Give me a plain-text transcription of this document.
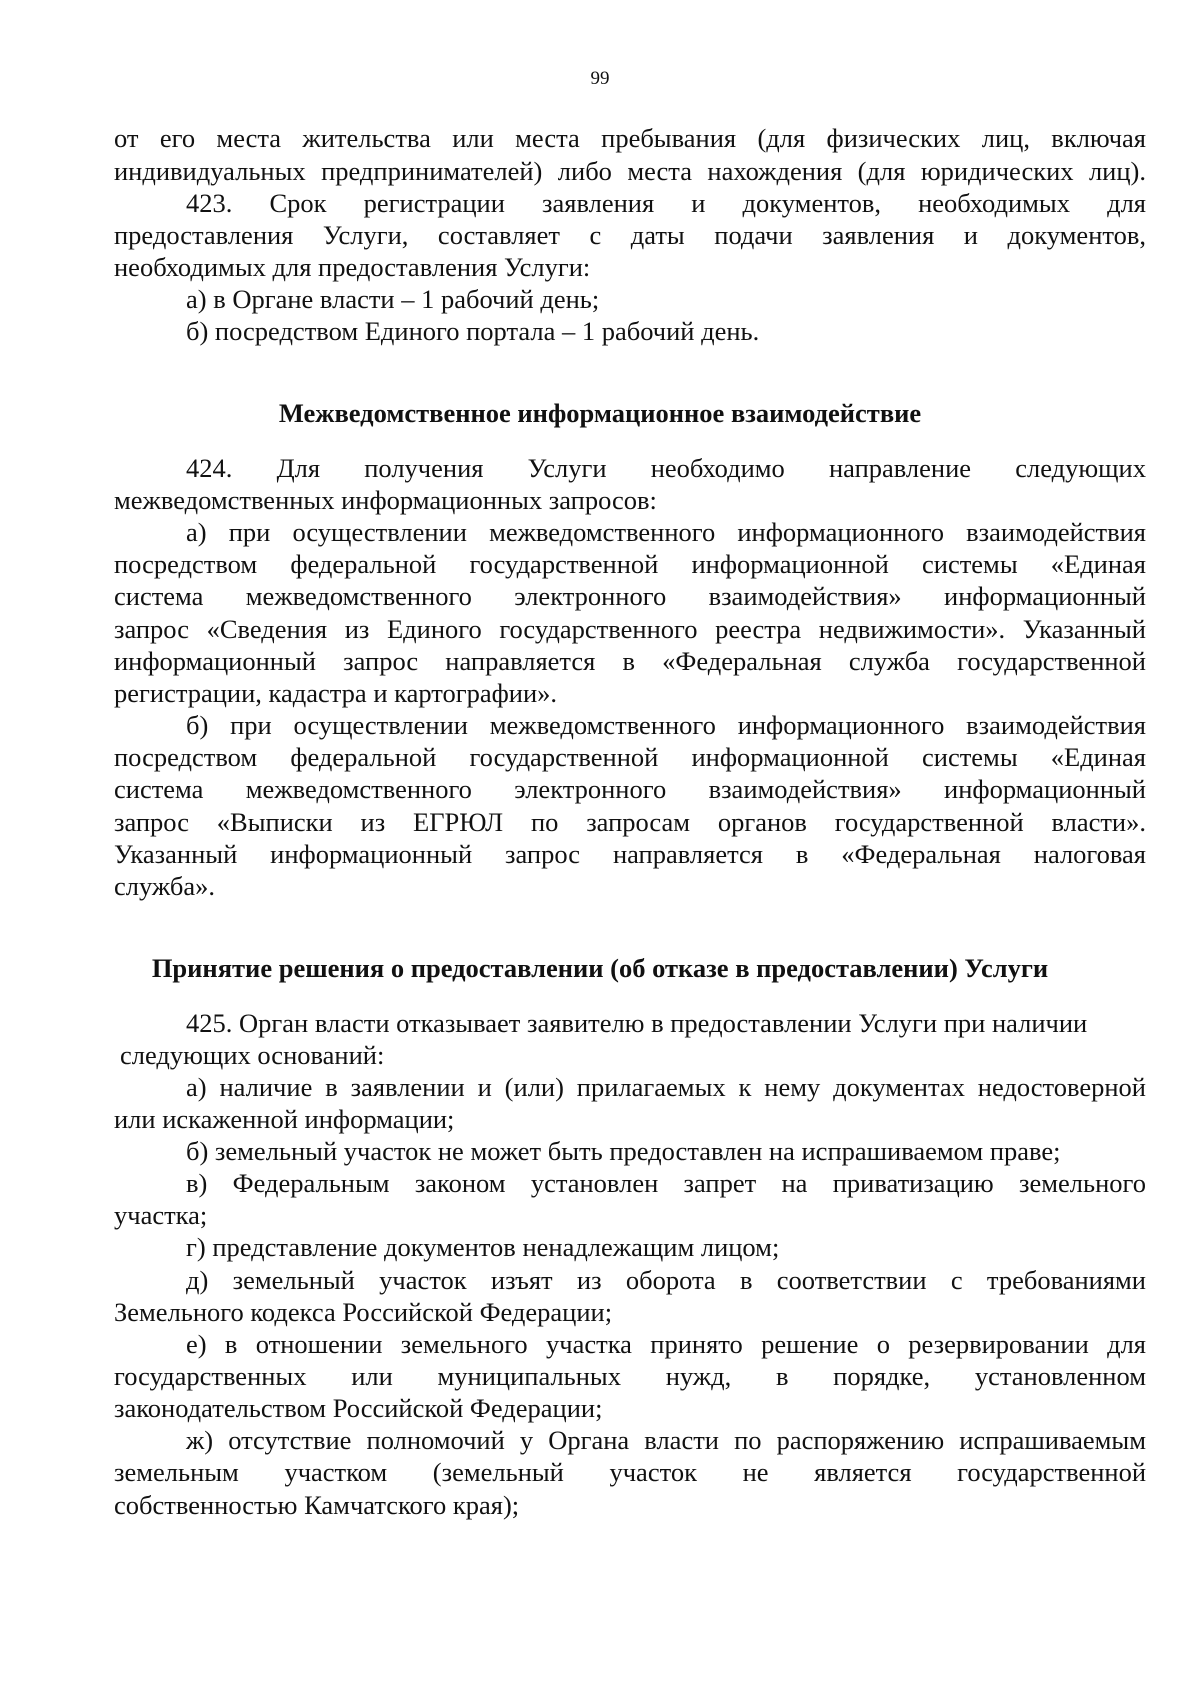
99
от его места жительства или места пребывания (для физических лиц, включая
индивидуальных предпринимателей) либо места нахождения (для юридических лиц).
423. Срок регистрации заявления и документов, необходимых для
предоставления Услуги, составляет с даты подачи заявления и документов,
необходимых для предоставления Услуги:
а) в Органе власти – 1 рабочий день;
б) посредством Единого портала – 1 рабочий день.
Межведомственное информационное взаимодействие
424. Для получения Услуги необходимо направление следующих
межведомственных информационных запросов:
а) при осуществлении межведомственного информационного взаимодействия
посредством федеральной государственной информационной системы «Единая
система межведомственного электронного взаимодействия» информационный
запрос «Сведения из Единого государственного реестра недвижимости». Указанный
информационный запрос направляется в «Федеральная служба государственной
регистрации, кадастра и картографии».
б) при осуществлении межведомственного информационного взаимодействия
посредством федеральной государственной информационной системы «Единая
система межведомственного электронного взаимодействия» информационный
запрос «Выписки из ЕГРЮЛ по запросам органов государственной власти».
Указанный информационный запрос направляется в «Федеральная налоговая
служба».
Принятие решения о предоставлении (об отказе в предоставлении) Услуги
425. Орган власти отказывает заявителю в предоставлении Услуги при наличии
следующих оснований:
а) наличие в заявлении и (или) прилагаемых к нему документах недостоверной
или искаженной информации;
б) земельный участок не может быть предоставлен на испрашиваемом праве;
в) Федеральным законом установлен запрет на приватизацию земельного
участка;
г) представление документов ненадлежащим лицом;
д) земельный участок изъят из оборота в соответствии с требованиями
Земельного кодекса Российской Федерации;
е) в отношении земельного участка принято решение о резервировании для
государственных или муниципальных нужд, в порядке, установленном
законодательством Российской Федерации;
ж) отсутствие полномочий у Органа власти по распоряжению испрашиваемым
земельным участком (земельный участок не является государственной
собственностью Камчатского края);
